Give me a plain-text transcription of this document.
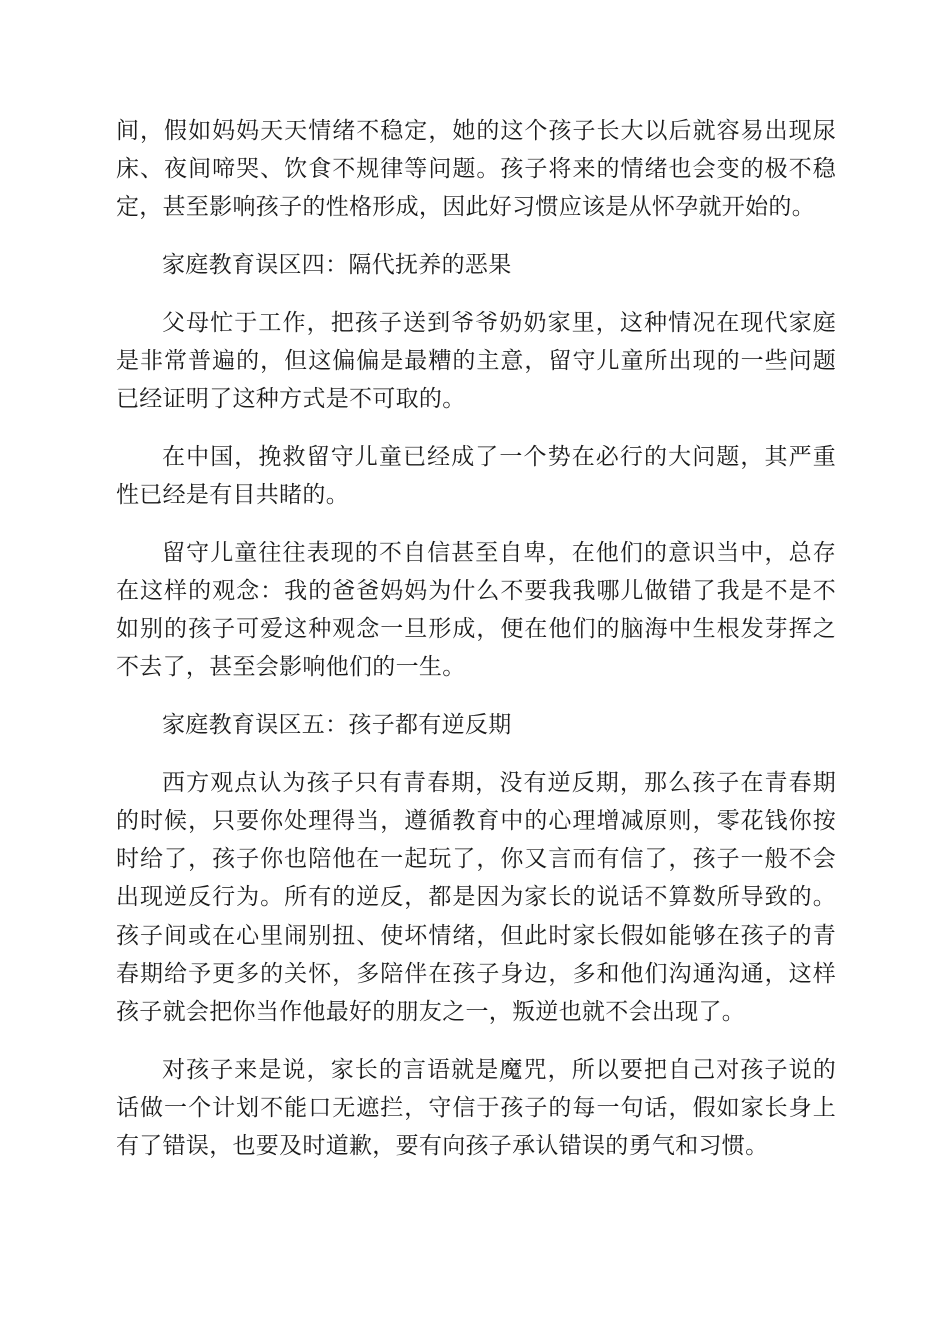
间，假如妈妈天天情绪不稳定，她的这个孩子长大以后就容易出现尿床、夜间啼哭、饮食不规律等问题。孩子将来的情绪也会变的极不稳定，甚至影响孩子的性格形成，因此好习惯应该是从怀孕就开始的。

家庭教育误区四：隔代抚养的恶果

父母忙于工作，把孩子送到爷爷奶奶家里，这种情况在现代家庭是非常普遍的，但这偏偏是最糟的主意，留守儿童所出现的一些问题已经证明了这种方式是不可取的。

在中国，挽救留守儿童已经成了一个势在必行的大问题，其严重性已经是有目共睹的。

留守儿童往往表现的不自信甚至自卑，在他们的意识当中，总存在这样的观念：我的爸爸妈妈为什么不要我我哪儿做错了我是不是不如别的孩子可爱这种观念一旦形成，便在他们的脑海中生根发芽挥之不去了，甚至会影响他们的一生。

家庭教育误区五：孩子都有逆反期

西方观点认为孩子只有青春期，没有逆反期，那么孩子在青春期的时候，只要你处理得当，遵循教育中的心理增减原则，零花钱你按时给了，孩子你也陪他在一起玩了，你又言而有信了，孩子一般不会出现逆反行为。所有的逆反，都是因为家长的说话不算数所导致的。孩子间或在心里闹别扭、使坏情绪，但此时家长假如能够在孩子的青春期给予更多的关怀，多陪伴在孩子身边，多和他们沟通沟通，这样孩子就会把你当作他最好的朋友之一，叛逆也就不会出现了。

对孩子来是说，家长的言语就是魔咒，所以要把自己对孩子说的话做一个计划不能口无遮拦，守信于孩子的每一句话，假如家长身上有了错误，也要及时道歉，要有向孩子承认错误的勇气和习惯。
